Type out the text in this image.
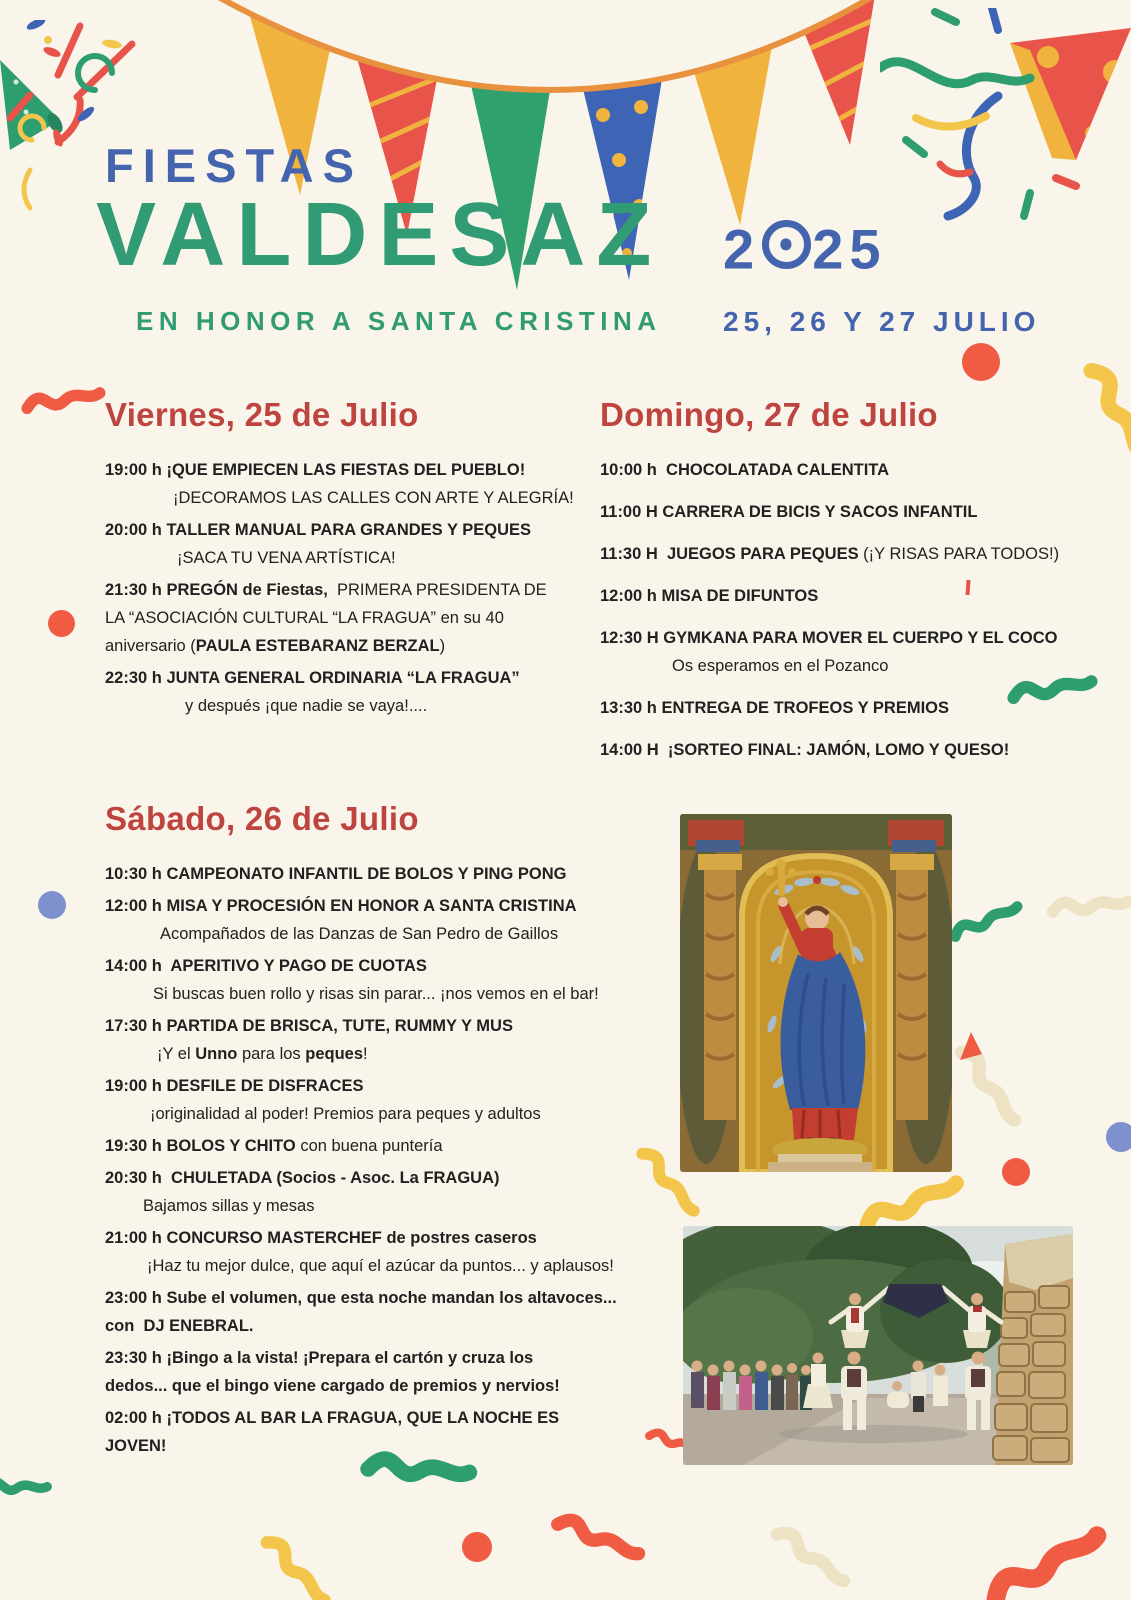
FIESTAS
VALDESAZ
EN HONOR A SANTA CRISTINA
2 25
25, 26 Y 27 JULIO
Viernes, 25 de Julio
19:00 h ¡QUE EMPIECEN LAS FIESTAS DEL PUEBLO!
¡DECORAMOS LAS CALLES CON ARTE Y ALEGRÍA!
20:00 h TALLER MANUAL PARA GRANDES Y PEQUES
¡SACA TU VENA ARTÍSTICA!
21:30 h PREGÓN de Fiestas,  PRIMERA PRESIDENTA DE
LA “ASOCIACIÓN CULTURAL “LA FRAGUA” en su 40
aniversario (PAULA ESTEBARANZ BERZAL)
22:30 h JUNTA GENERAL ORDINARIA “LA FRAGUA”
y después ¡que nadie se vaya!....
Domingo, 27 de Julio
10:00 h  CHOCOLATADA CALENTITA
11:00 H CARRERA DE BICIS Y SACOS INFANTIL
11:30 H  JUEGOS PARA PEQUES (¡Y RISAS PARA TODOS!)
12:00 h MISA DE DIFUNTOS
12:30 H GYMKANA PARA MOVER EL CUERPO Y EL COCO
Os esperamos en el Pozanco
13:30 h ENTREGA DE TROFEOS Y PREMIOS
14:00 H  ¡SORTEO FINAL: JAMÓN, LOMO Y QUESO!
Sábado, 26 de Julio
10:30 h CAMPEONATO INFANTIL DE BOLOS Y PING PONG
12:00 h MISA Y PROCESIÓN EN HONOR A SANTA CRISTINA
Acompañados de las Danzas de San Pedro de Gaillos
14:00 h  APERITIVO Y PAGO DE CUOTAS
Si buscas buen rollo y risas sin parar... ¡nos vemos en el bar!
17:30 h PARTIDA DE BRISCA, TUTE, RUMMY Y MUS
¡Y el Unno para los peques!
19:00 h DESFILE DE DISFRACES
¡originalidad al poder! Premios para peques y adultos
19:30 h BOLOS Y CHITO con buena puntería
20:30 h  CHULETADA (Socios - Asoc. La FRAGUA)
Bajamos sillas y mesas
21:00 h CONCURSO MASTERCHEF de postres caseros
¡Haz tu mejor dulce, que aquí el azúcar da puntos... y aplausos!
23:00 h Sube el volumen, que esta noche mandan los altavoces...
con  DJ ENEBRAL.
23:30 h ¡Bingo a la vista! ¡Prepara el cartón y cruza los
dedos... que el bingo viene cargado de premios y nervios!
02:00 h ¡TODOS AL BAR LA FRAGUA, QUE LA NOCHE ES
JOVEN!
